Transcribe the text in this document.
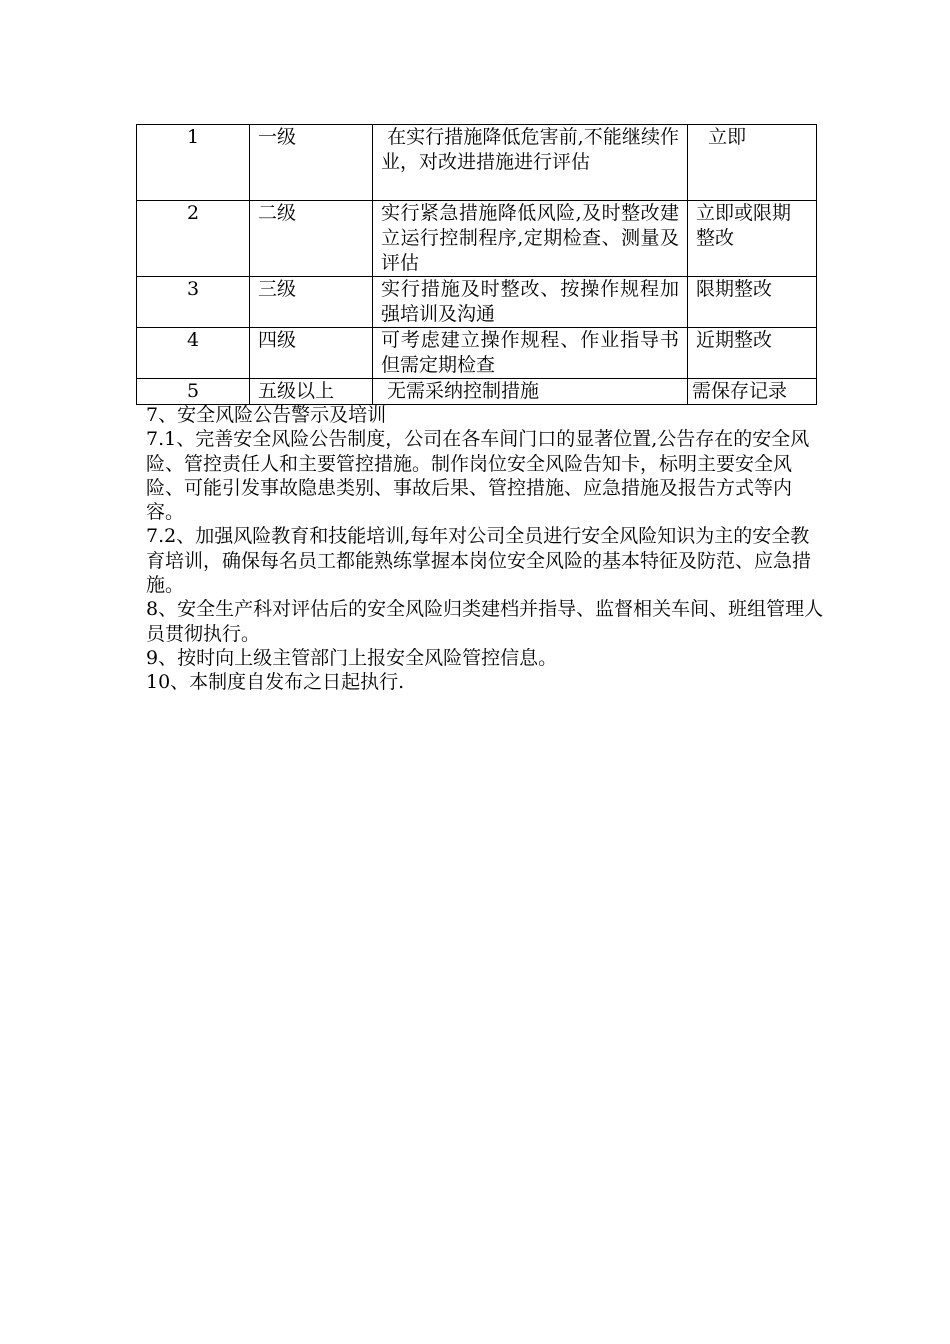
1	一级	在实行措施降低危害前,不能继续作业，对改进措施进行评估	立即
2	二级	实行紧急措施降低风险,及时整改建立运行控制程序,定期检查、测量及评估	立即或限期整改
3	三级	实行措施及时整改、按操作规程加强培训及沟通	限期整改
4	四级	可考虑建立操作规程、作业指导书但需定期检查	近期整改
5	五级以上	无需采纳控制措施	需保存记录

7、安全风险公告警示及培训

7.1、完善安全风险公告制度，公司在各车间门口的显著位置,公告存在的安全风险、管控责任人和主要管控措施。制作岗位安全风险告知卡，标明主要安全风险、可能引发事故隐患类别、事故后果、管控措施、应急措施及报告方式等内容。

7.2、加强风险教育和技能培训,每年对公司全员进行安全风险知识为主的安全教育培训，确保每名员工都能熟练掌握本岗位安全风险的基本特征及防范、应急措施。

8、安全生产科对评估后的安全风险归类建档并指导、监督相关车间、班组管理人员贯彻执行。

9、按时向上级主管部门上报安全风险管控信息。

10、本制度自发布之日起执行.
